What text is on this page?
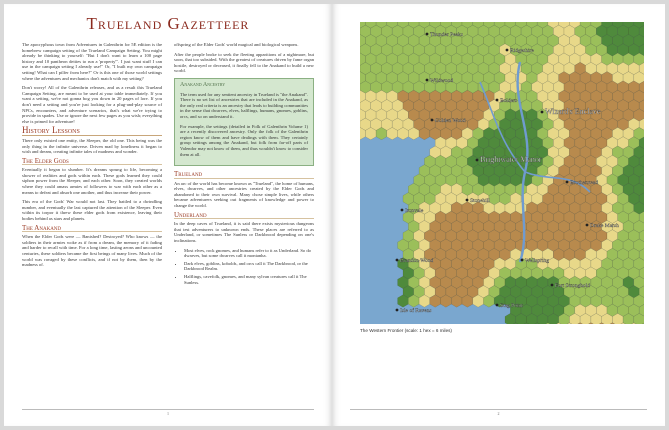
Trueland Gazetteer

The apocryphous town from Adventures in Galenthrin for 5E edition is the homebrew campaign setting of the Trueland Campaign Setting. You might already be thinking to yourself: "But I don't want to learn a 100 page history and 10 pantheon deities to run a 'property'". I just want stuff I can use in the campaign setting I already use!" Or, "I built my own campaign setting! What can I pilfer from here?" Or is this one of those world settings where the adventures and mechanics don't match with my setting?

Don't worry! All of the Galenthrin releases, and as a result this Trueland Campaign Setting, are meant to be used at your table immediately. If you want a setting, we're not gonna bog you down in 20 pages of lore. If you don't need a setting and you're just looking for a plug-and-play source of NPCs, encounters, and adventure scenarios, that's what we're trying to provide in spades. Use or ignore the next few pages as you wish; everything else is primed for adventure!

History Lessons

There only existed one entity, the Sleeper, the old one. This being was the only thing in the infinite universe. Driven mad by loneliness it began to wish and dream, creating infinite tales of madness and wonder.

The Elder Gods

Eventually it began to slumber. It's dreams sprung to life, becoming a shower of realities and gods within each. These gods learned they could siphon power from the Sleeper, and each other. Soon, they created worlds where they could amass armies of followers to war with each other as a means to defeat and absorb one another, and thus increase their power.

This era of the Gods' War would not last. They battled to a dwindling number, and eventually the last captured the attention of the Sleeper. Even within its torpor it threw these elder gods from existence, leaving their bodies behind as stars and planets.

The Anakand

When the Elder Gods were — Banished? Destroyed? Who knows — the soldiers in their armies woke as if from a dream, the memory of it fading and harder to recall with time. For a long time, lasting aeons and uncounted centuries, these soldiers became the first beings of many lives. Much of the world was ravaged by these conflicts, and if not by them, then by the madness of.

offspring of the Elder Gods' world magical and biological weapons.

After the people broke to seek the fleeting apparitions of a nightmare, but soon, that too subsided. With the greatest of creatures driven by fame organ hostile, destroyed or deceased, it finally fell to the Anakand to build a new world.

Anakand Ancestry

The term used for any sentient ancestry in Trueland is "the Anakand". There is no set list of ancestries that are included in the Anakand, as the only real criteria is an ancestry that leads to building communities in the sense that dwarves, elves, halflings, humans, gnomes, goblins, orcs, and so on understand it.

For example, the settings (detailed in Folk of Galenthrin Volume 1) are a recently discovered ancestry. Only the folk of the Galenthrin region know of them and have dealings with them. They certainly group settings among the Anakand, but folk from far-off parts of Valendor may not know of them, and thus wouldn't know to consider them at all.

Trueland

An arc of the world has become known as "Trueland", the home of humans, elves, dwarves, and other ancestries created by the Elder Gods and abandoned to their own survival. Many chose simple lives, while others became adventurers seeking out fragments of knowledge and power to change the world.

Underland

In the deep caves of Trueland, it is said there exists mysterious dungeons that test adventurers to unknown ends. These places are referred to as Underland, or sometimes The Sunless or Darkbrood depending on one's inclinations.

• Most elves, rock gnomes, and humans refer to it as Underland. So do dwarves, but some dwarves call it montanha.
• Dark elves, goblins, kobolds, and orcs call it The Darkbrood, or the Darkbrood Realm.
• Halflings, cavefolk, gnomes, and many sylvan creatures call it The Sunless.
1
Thunder Peaks
Ridgeshire
Bolders
Wildwood
Wizard's Enclave
Brightwater Manor
Ironvale
Brandon Wood
Brotherstead
Stonehill
Drake Marsh
Wellspring
Stag Point
Isle of Ravens
Golden Wood
Fort Stronghold
The Western Frontier (scale: 1 hex = 6 miles)
2
